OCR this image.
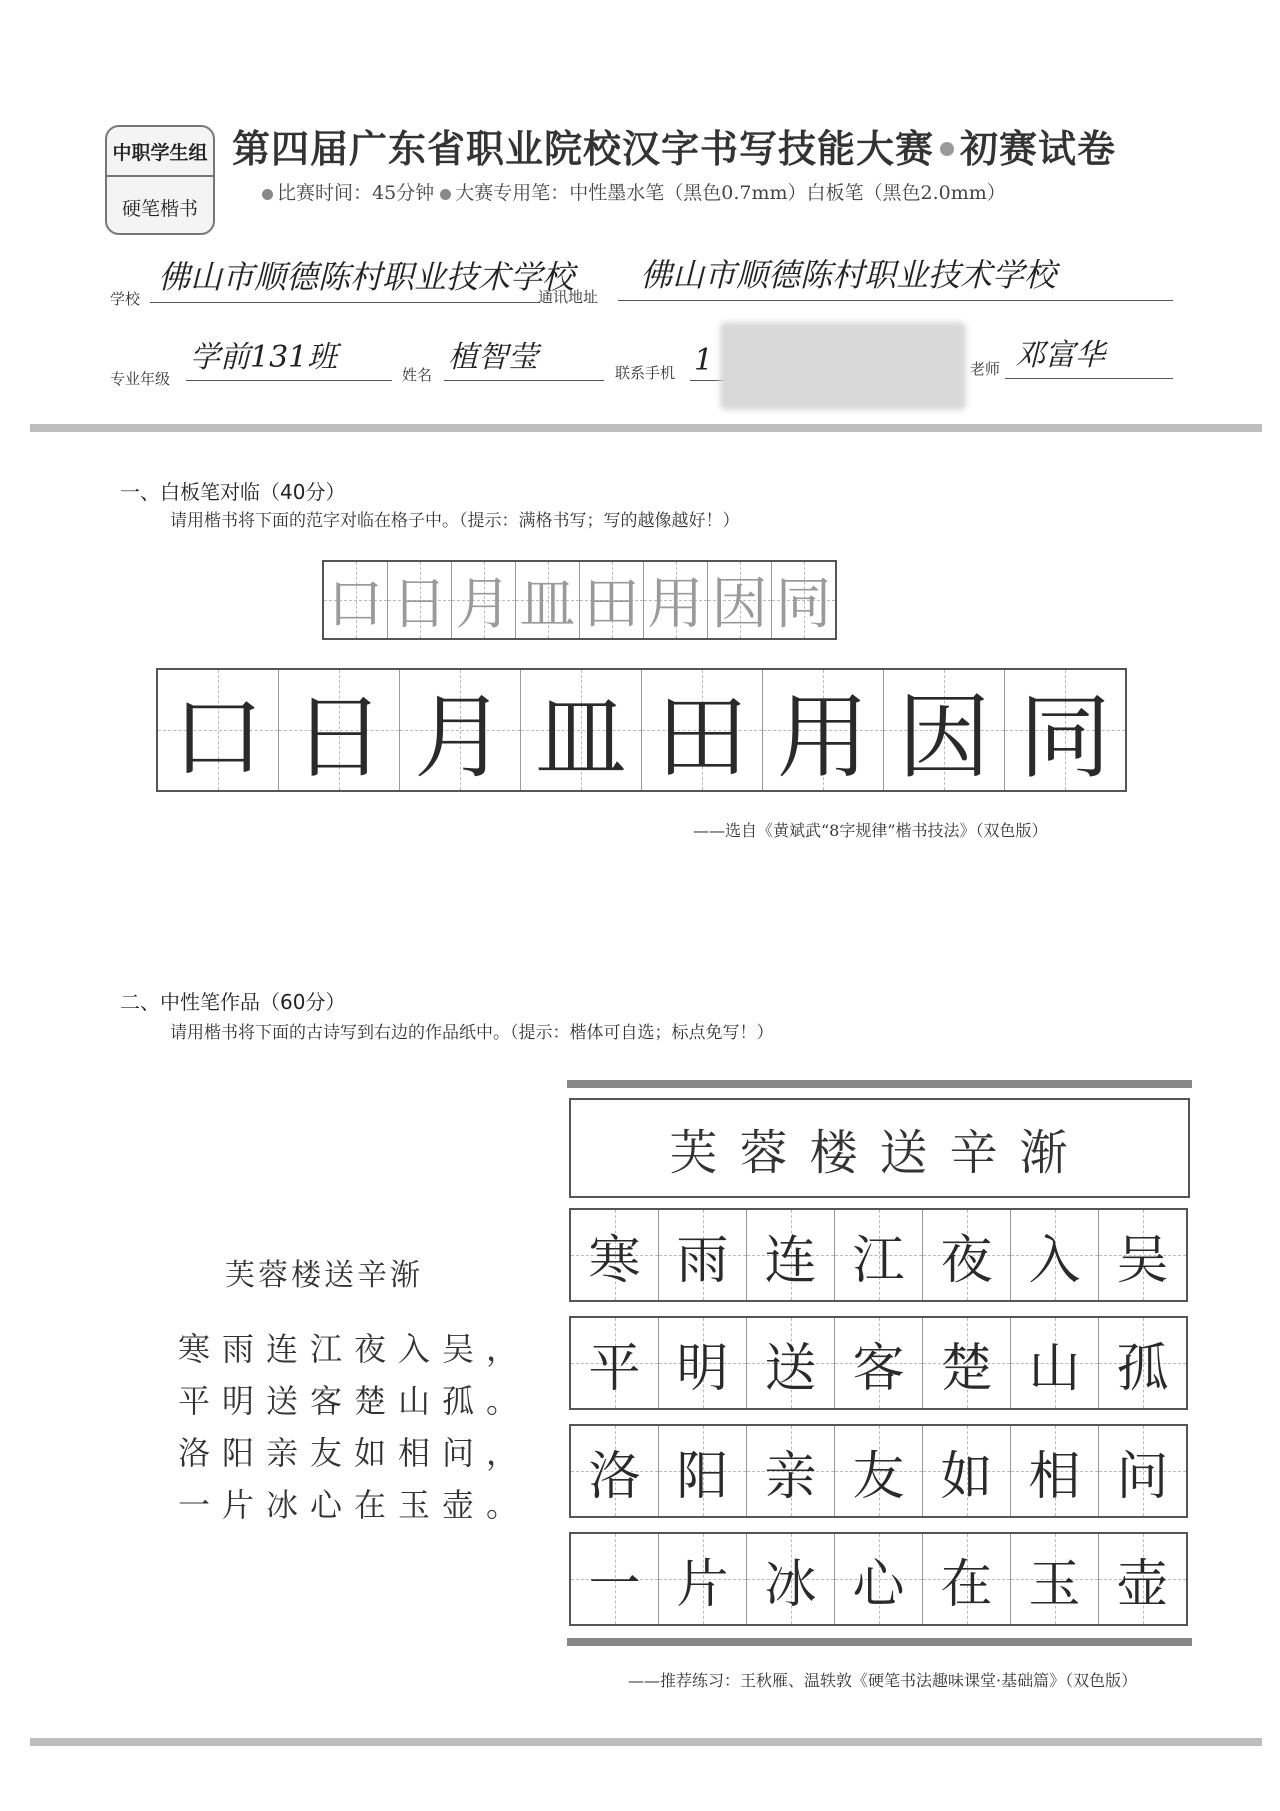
中职学生组
硬笔楷书
第四届广东省职业院校汉字书写技能大赛 初赛试卷
比赛时间：45分钟 大赛专用笔：中性墨水笔（黑色0.7mm）白板笔（黑色2.0mm）
学校
佛山市顺德陈村职业技术学校
通讯地址
佛山市顺德陈村职业技术学校
专业年级
学前131班	姓名 植智莹	联系手机 1	老师 邓富华
一、白板笔对临（40分）
请用楷书将下面的范字对临在格子中。（提示：满格书写；写的越像越好！）
口 日 月 皿 田 用 因 同
口 日 月 皿 田 用 因 同
——选自《黄斌武“8字规律”楷书技法》（双色版）
二、中性笔作品（60分）
请用楷书将下面的古诗写到右边的作品纸中。（提示：楷体可自选；标点免写！）
芙蓉楼送辛渐
寒雨连江夜入吴，
平明送客楚山孤。
洛阳亲友如相问，
一片冰心在玉壶。
芙蓉楼送辛渐
寒 雨 连 江 夜 入 吴
平 明 送 客 楚 山 孤
洛 阳 亲 友 如 相 问
一 片 冰 心 在 玉 壶
——推荐练习：王秋雁、温轶敦《硬笔书法趣味课堂·基础篇》（双色版）
